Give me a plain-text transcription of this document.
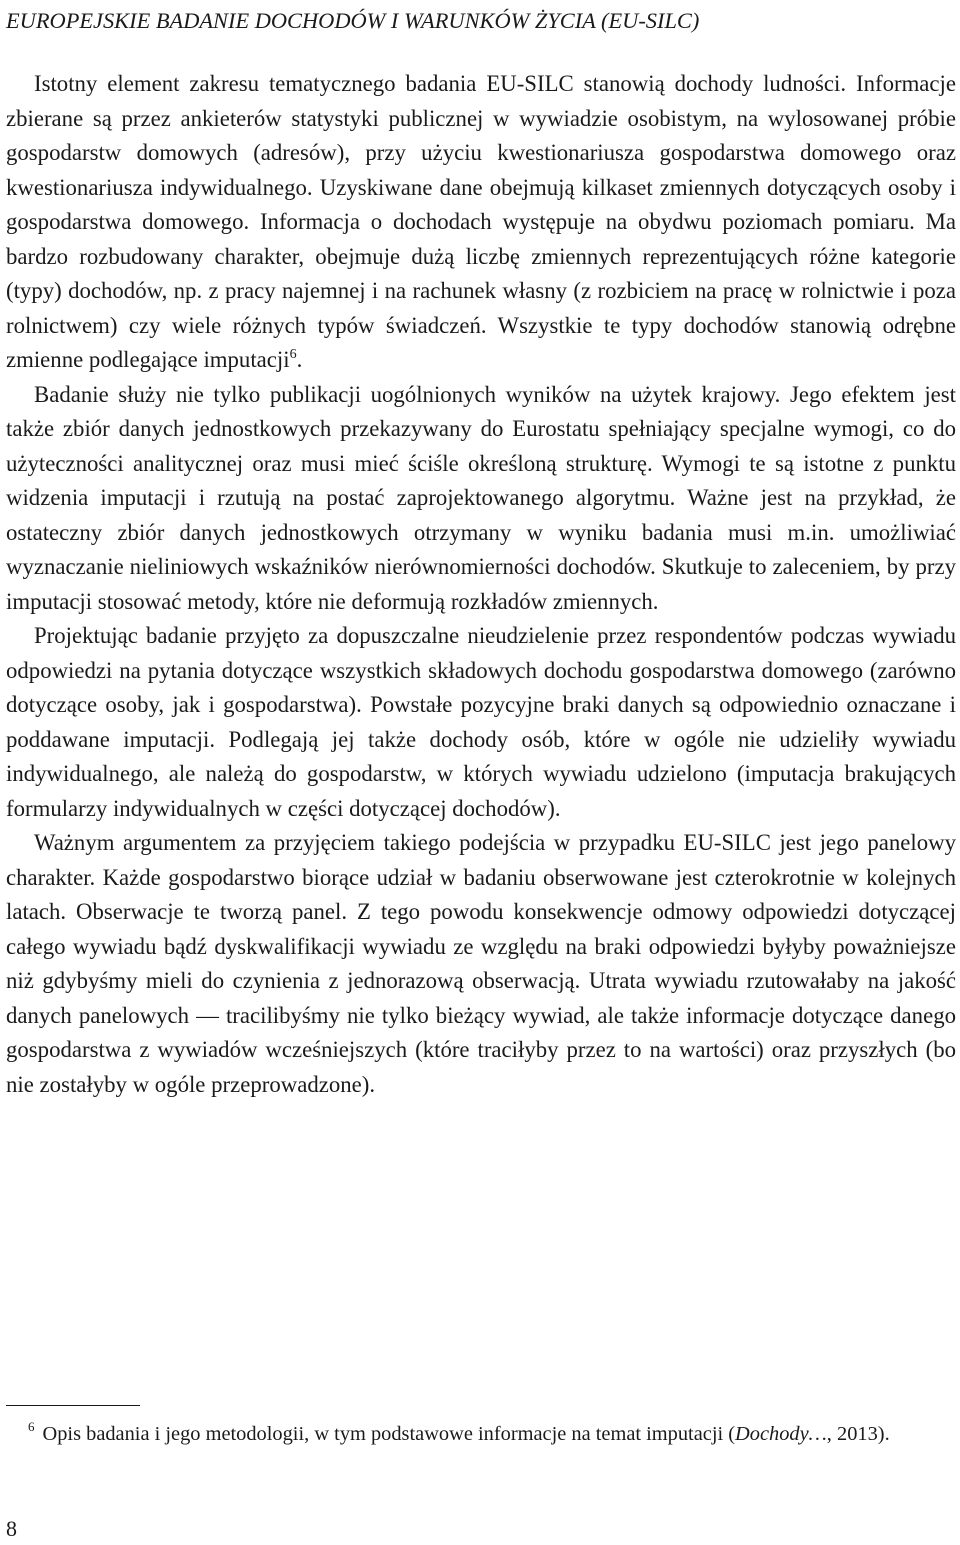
EUROPEJSKIE BADANIE DOCHODÓW I WARUNKÓW ŻYCIA (EU-SILC)

Istotny element zakresu tematycznego badania EU-SILC stanowią dochody ludności. Informacje zbierane są przez ankieterów statystyki publicznej w wywiadzie osobistym, na wylosowanej próbie gospodarstw domowych (adresów), przy użyciu kwestionariusza gospodarstwa domowego oraz kwestionariusza indywidualnego. Uzyskiwane dane obejmują kilkaset zmiennych dotyczących osoby i gospodarstwa domowego. Informacja o dochodach występuje na obydwu poziomach pomiaru. Ma bardzo rozbudowany charakter, obejmuje dużą liczbę zmiennych reprezentujących różne kategorie (typy) dochodów, np. z pracy najemnej i na rachunek własny (z rozbiciem na pracę w rolnictwie i poza rolnictwem) czy wiele różnych typów świadczeń. Wszystkie te typy dochodów stanowią odrębne zmienne podlegające imputacji$^6$.

Badanie służy nie tylko publikacji uogólnionych wyników na użytek krajowy. Jego efektem jest także zbiór danych jednostkowych przekazywany do Eurostatu spełniający specjalne wymogi, co do użyteczności analitycznej oraz musi mieć ściśle określoną strukturę. Wymogi te są istotne z punktu widzenia imputacji i rzutują na postać zaprojektowanego algorytmu. Ważne jest na przykład, że ostateczny zbiór danych jednostkowych otrzymany w wyniku badania musi m.in. umożliwiać wyznaczanie nieliniowych wskaźników nierównomierności dochodów. Skutkuje to zaleceniem, by przy imputacji stosować metody, które nie deformują rozkładów zmiennych.

Projektując badanie przyjęto za dopuszczalne nieudzielenie przez respondentów podczas wywiadu odpowiedzi na pytania dotyczące wszystkich składowych dochodu gospodarstwa domowego (zarówno dotyczące osoby, jak i gospodarstwa). Powstałe pozycyjne braki danych są odpowiednio oznaczane i poddawane imputacji. Podlegają jej także dochody osób, które w ogóle nie udzieliły wywiadu indywidualnego, ale należą do gospodarstw, w których wywiadu udzielono (imputacja brakujących formularzy indywidualnych w części dotyczącej dochodów).

Ważnym argumentem za przyjęciem takiego podejścia w przypadku EU-SILC jest jego panelowy charakter. Każde gospodarstwo biorące udział w badaniu obserwowane jest czterokrotnie w kolejnych latach. Obserwacje te tworzą panel. Z tego powodu konsekwencje odmowy odpowiedzi dotyczącej całego wywiadu bądź dyskwalifikacji wywiadu ze względu na braki odpowiedzi byłyby poważniejsze niż gdybyśmy mieli do czynienia z jednorazową obserwacją. Utrata wywiadu rzutowałaby na jakość danych panelowych — tracilibyśmy nie tylko bieżący wywiad, ale także informacje dotyczące danego gospodarstwa z wywiadów wcześniejszych (które traciłyby przez to na wartości) oraz przyszłych (bo nie zostałyby w ogóle przeprowadzone).

$^6$ Opis badania i jego metodologii, w tym podstawowe informacje na temat imputacji (Dochody…, 2013).

8
